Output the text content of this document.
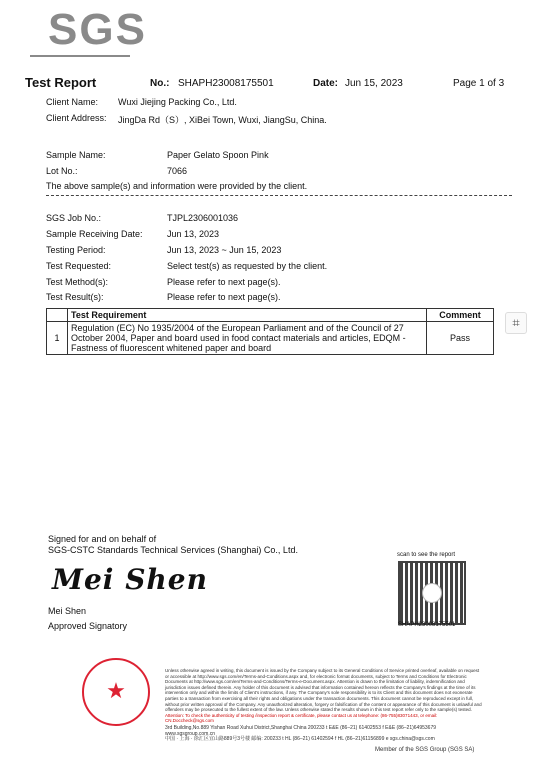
SGS
Test Report	No.: SHAPH23008175501	Date: Jun 15, 2023	Page 1 of 3
Client Name: Wuxi Jiejing Packing Co., Ltd.
Client Address: JingDa Rd（S）, XiBei Town, Wuxi, JiangSu, China.
Sample Name:	Paper Gelato Spoon Pink
Lot No.:	7066
The above sample(s) and information were provided by the client.
SGS Job No.:	TJPL2306001036
Sample Receiving Date:	Jun 13, 2023
Testing Period:	Jun 13, 2023 ~ Jun 15, 2023
Test Requested:	Select test(s) as requested by the client.
Test Method(s):	Please refer to next page(s).
Test Result(s):	Please refer to next page(s).
	Test Requirement	Comment
1	Regulation (EC) No 1935/2004 of the European Parliament and of the Council of 27 October 2004, Paper and board used in food contact materials and articles, EDQM - Fastness of fluorescent whitened paper and board	Pass
⌗
Signed for and on behalf of
SGS-CSTC Standards Technical Services (Shanghai) Co., Ltd.
Mei Shen
Mei Shen
Approved Signatory
scan to see the report
SHAPH23008175501
★
Unless otherwise agreed in writing, this document is issued by the Company subject to its General Conditions of Service printed overleaf, available on request or accessible at http://www.sgs.com/en/Terms-and-Conditions.aspx and, for electronic format documents, subject to Terms and Conditions for Electronic Documents at http://www.sgs.com/en/Terms-and-Conditions/Terms-e-Document.aspx. Attention is drawn to the limitation of liability, indemnification and jurisdiction issues defined therein. Any holder of this document is advised that information contained hereon reflects the Company's findings at the time of its intervention only and within the limits of Client's instructions, if any. The Company's sole responsibility is to its Client and this document does not exonerate parties to a transaction from exercising all their rights and obligations under the transaction documents. This document cannot be reproduced except in full, without prior written approval of the Company. Any unauthorized alteration, forgery or falsification of the content or appearance of this document is unlawful and offenders may be prosecuted to the fullest extent of the law. Unless otherwise stated the results shown in this test report refer only to the sample(s) tested.
Attention: To check the authenticity of testing /inspection report & certificate, please contact us at telephone: (86-755)83071443, or email: CN.Doccheck@sgs.com
3rd Building,No.889 Yishan Road Xuhui District,Shanghai China 200233 t E&E (86–21) 61402553 f E&E (86–21)64953679 www.sgsgroup.com.cn
中国 · 上海 · 徐汇区宜山路889号3号楼 邮编: 200233 t HL (86–21) 61402594 f HL (86–21)61156899 e sgs.china@sgs.com
Member of the SGS Group (SGS SA)
